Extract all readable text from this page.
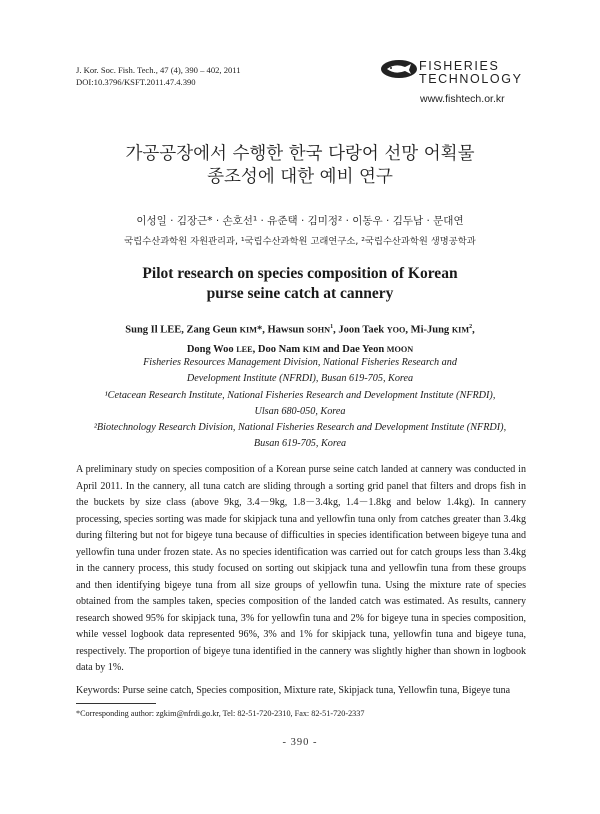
J. Kor. Soc. Fish. Tech., 47 (4), 390 – 402, 2011
DOI:10.3796/KSFT.2011.47.4.390
FISHERIES
TECHNOLOGY
www.fishtech.or.kr
가공공장에서 수행한 한국 다랑어 선망 어획물
종조성에 대한 예비 연구
이성일 · 김장근* · 손호선¹ · 유준택 · 김미정² · 이동우 · 김두남 · 문대연
국립수산과학원 자원관리과, ¹국립수산과학원 고래연구소, ²국립수산과학원 생명공학과
Pilot research on species composition of Korean
purse seine catch at cannery
Sung Il LEE, Zang Geun KIM*, Hawsun SOHN$^1$, Joon Taek YOO, Mi-Jung KIM$^2$,
Dong Woo LEE, Doo Nam KIM and Dae Yeon MOON
Fisheries Resources Management Division, National Fisheries Research and
Development Institute (NFRDI), Busan 619-705, Korea
¹Cetacean Research Institute, National Fisheries Research and Development Institute (NFRDI),
Ulsan 680-050, Korea
²Biotechnology Research Division, National Fisheries Research and Development Institute (NFRDI),
Busan 619-705, Korea
A preliminary study on species composition of a Korean purse seine catch landed at cannery was conducted in April 2011. In the cannery, all tuna catch are sliding through a sorting grid panel that filters and drops fish in the buckets by size class (above 9kg, 3.4－9kg, 1.8－3.4kg, 1.4－1.8kg and below 1.4kg). In cannery processing, species sorting was made for skipjack tuna and yellowfin tuna only from catches greater than 3.4kg during filtering but not for bigeye tuna because of difficulties in species identification between bigeye tuna and yellowfin tuna under frozen state. As no species identification was carried out for catch groups less than 3.4kg in the cannery process, this study focused on sorting out skipjack tuna and yellowfin tuna from these groups and then identifying bigeye tuna from all size groups of yellowfin tuna. Using the mixture rate of species obtained from the samples taken, species composition of the landed catch was estimated. As results, cannery research showed 95% for skipjack tuna, 3% for yellowfin tuna and 2% for bigeye tuna in species composition, while vessel logbook data represented 96%, 3% and 1% for skipjack tuna, yellowfin tuna and bigeye tuna, respectively. The proportion of bigeye tuna identified in the cannery was slightly higher than shown in logbook data by 1%.
Keywords: Purse seine catch, Species composition, Mixture rate, Skipjack tuna, Yellowfin tuna, Bigeye tuna
*Corresponding author: zgkim@nfrdi.go.kr, Tel: 82-51-720-2310, Fax: 82-51-720-2337
- 390 -
